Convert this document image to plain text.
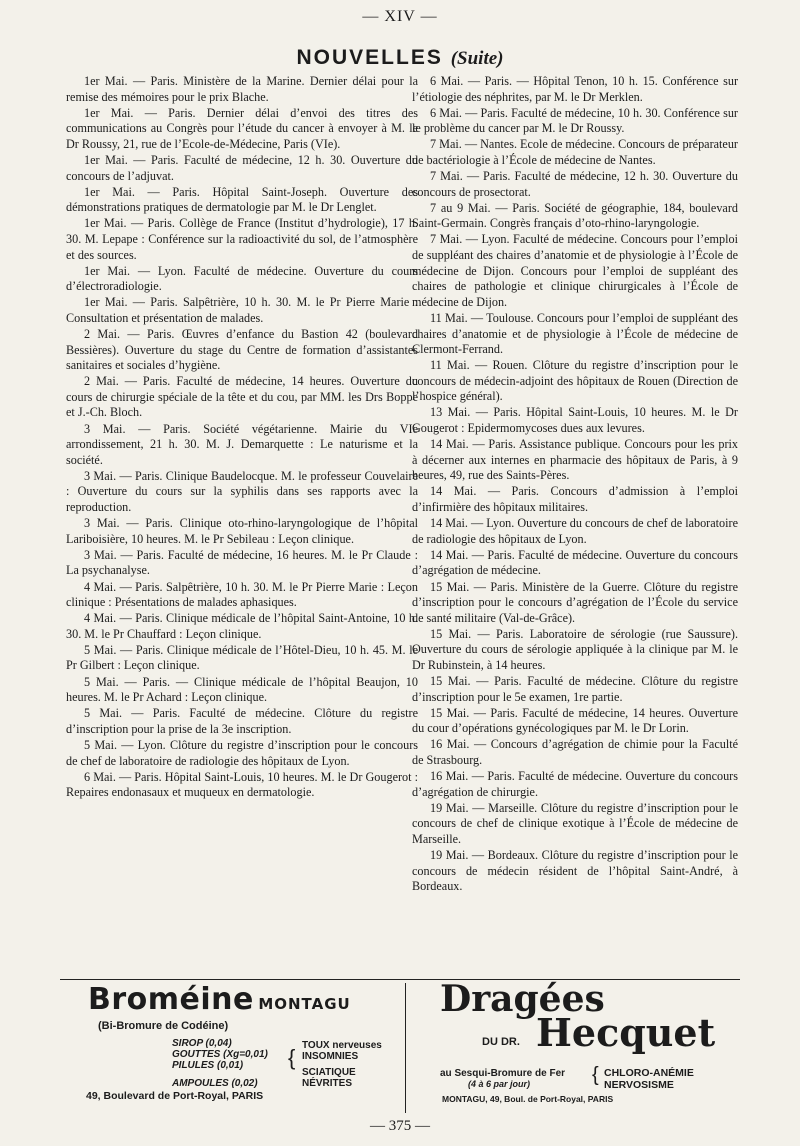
— XIV —
NOUVELLES (Suite)

1er Mai. — Paris. Ministère de la Marine. Dernier délai pour la remise des mémoires pour le prix Blache.

1er Mai. — Paris. Dernier délai d’envoi des titres des communications au Congrès pour l’étude du cancer à envoyer à M. le Dr Roussy, 21, rue de l’Ecole-de-Médecine, Paris (VIe).

1er Mai. — Paris. Faculté de médecine, 12 h. 30. Ouverture du concours de l’adjuvat.

1er Mai. — Paris. Hôpital Saint-Joseph. Ouverture des démonstrations pratiques de dermatologie par M. le Dr Lenglet.

1er Mai. — Paris. Collège de France (Institut d’hydrologie), 17 h. 30. M. Lepape : Conférence sur la radioactivité du sol, de l’atmosphère et des sources.

1er Mai. — Lyon. Faculté de médecine. Ouverture du cours d’électroradiologie.

1er Mai. — Paris. Salpêtrière, 10 h. 30. M. le Pr Pierre Marie : Consultation et présentation de malades.

2 Mai. — Paris. Œuvres d’enfance du Bastion 42 (boulevard Bessières). Ouverture du stage du Centre de formation d’assistantes sanitaires et sociales d’hygiène.

2 Mai. — Paris. Faculté de médecine, 14 heures. Ouverture du cours de chirurgie spéciale de la tête et du cou, par MM. les Drs Boppe et J.-Ch. Bloch.

3 Mai. — Paris. Société végétarienne. Mairie du VIe arrondissement, 21 h. 30. M. J. Demarquette : Le naturisme et la société.

3 Mai. — Paris. Clinique Baudelocque. M. le professeur Couvelaire : Ouverture du cours sur la syphilis dans ses rapports avec la reproduction.

3 Mai. — Paris. Clinique oto-rhino-laryngologique de l’hôpital Lariboisière, 10 heures. M. le Pr Sebileau : Leçon clinique.

3 Mai. — Paris. Faculté de médecine, 16 heures. M. le Pr Claude : La psychanalyse.

4 Mai. — Paris. Salpêtrière, 10 h. 30. M. le Pr Pierre Marie : Leçon clinique : Présentations de malades aphasiques.

4 Mai. — Paris. Clinique médicale de l’hôpital Saint-Antoine, 10 h. 30. M. le Pr Chauffard : Leçon clinique.

5 Mai. — Paris. Clinique médicale de l’Hôtel-Dieu, 10 h. 45. M. le Pr Gilbert : Leçon clinique.

5 Mai. — Paris. — Clinique médicale de l’hôpital Beaujon, 10 heures. M. le Pr Achard : Leçon clinique.

5 Mai. — Paris. Faculté de médecine. Clôture du registre d’inscription pour la prise de la 3e inscription.

5 Mai. — Lyon. Clôture du registre d’inscription pour le concours de chef de laboratoire de radiologie des hôpitaux de Lyon.

6 Mai. — Paris. Hôpital Saint-Louis, 10 heures. M. le Dr Gougerot : Repaires endonasaux et muqueux en dermatologie.

6 Mai. — Paris. — Hôpital Tenon, 10 h. 15. Conférence sur l’étiologie des néphrites, par M. le Dr Merklen.

6 Mai. — Paris. Faculté de médecine, 10 h. 30. Conférence sur le problème du cancer par M. le Dr Roussy.

7 Mai. — Nantes. Ecole de médecine. Concours de préparateur de bactériologie à l’École de médecine de Nantes.

7 Mai. — Paris. Faculté de médecine, 12 h. 30. Ouverture du concours de prosectorat.

7 au 9 Mai. — Paris. Société de géographie, 184, boulevard Saint-Germain. Congrès français d’oto-rhino-laryngologie.

7 Mai. — Lyon. Faculté de médecine. Concours pour l’emploi de suppléant des chaires d’anatomie et de physiologie à l’École de médecine de Dijon. Concours pour l’emploi de suppléant des chaires de pathologie et clinique chirurgicales à l’École de médecine de Dijon.

11 Mai. — Toulouse. Concours pour l’emploi de suppléant des chaires d’anatomie et de physiologie à l’École de médecine de Clermont-Ferrand.

11 Mai. — Rouen. Clôture du registre d’inscription pour le concours de médecin-adjoint des hôpitaux de Rouen (Direction de l’hospice général).

13 Mai. — Paris. Hôpital Saint-Louis, 10 heures. M. le Dr Gougerot : Epidermomycoses dues aux levures.

14 Mai. — Paris. Assistance publique. Concours pour les prix à décerner aux internes en pharmacie des hôpitaux de Paris, à 9 heures, 49, rue des Saints-Pères.

14 Mai. — Paris. Concours d’admission à l’emploi d’infirmière des hôpitaux militaires.

14 Mai. — Lyon. Ouverture du concours de chef de laboratoire de radiologie des hôpitaux de Lyon.

14 Mai. — Paris. Faculté de médecine. Ouverture du concours d’agrégation de médecine.

15 Mai. — Paris. Ministère de la Guerre. Clôture du registre d’inscription pour le concours d’agrégation de l’École du service de santé militaire (Val-de-Grâce).

15 Mai. — Paris. Laboratoire de sérologie (rue Saussure). Ouverture du cours de sérologie appliquée à la clinique par M. le Dr Rubinstein, à 14 heures.

15 Mai. — Paris. Faculté de médecine. Clôture du registre d’inscription pour le 5e examen, 1re partie.

15 Mai. — Paris. Faculté de médecine, 14 heures. Ouverture du cour d’opérations gynécologiques par M. le Dr Lorin.

16 Mai. — Concours d’agrégation de chimie pour la Faculté de Strasbourg.

16 Mai. — Paris. Faculté de médecine. Ouverture du concours d’agrégation de chirurgie.

19 Mai. — Marseille. Clôture du registre d’inscription pour le concours de chef de clinique exotique à l’École de médecine de Marseille.

19 Mai. — Bordeaux. Clôture du registre d’inscription pour le concours de médecin résident de l’hôpital Saint-André, à Bordeaux.

Broméine MONTAGU
(Bi-Bromure de Codéine)
SIROP (0,04)
GOUTTES (Xg=0,01)
PILULES (0,01)
AMPOULES (0,02)
{ TOUX nerveuses
INSOMNIES
SCIATIQUE
NÉVRITES
49, Boulevard de Port-Royal, PARIS
Dragées
DU DR. Hecquet
au Sesqui-Bromure de Fer
(4 à 6 par jour)	{ CHLORO-ANÉMIE
NERVOSISME
MONTAGU, 49, Boul. de Port-Royal, PARIS
— 375 —
